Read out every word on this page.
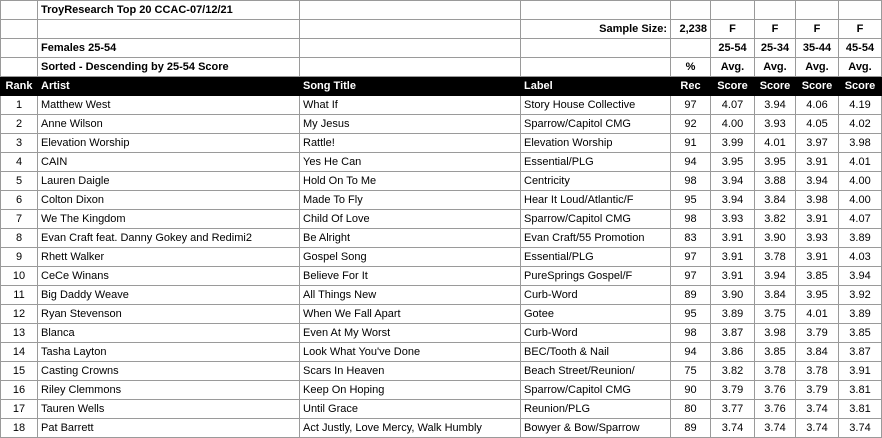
	TroyResearch Top 20 CCAC-07/12/21							
			Sample Size:	2,238	F	F	F	F
	Females 25-54				25-54	25-34	35-44	45-54
	Sorted - Descending by 25-54 Score			%	Avg.	Avg.	Avg.	Avg.
Rank	Artist	Song Title	Label	Rec	Score	Score	Score	Score
1	Matthew West	What If	Story House Collective	97	4.07	3.94	4.06	4.19
2	Anne Wilson	My Jesus	Sparrow/Capitol CMG	92	4.00	3.93	4.05	4.02
3	Elevation Worship	Rattle!	Elevation Worship	91	3.99	4.01	3.97	3.98
4	CAIN	Yes He Can	Essential/PLG	94	3.95	3.95	3.91	4.01
5	Lauren Daigle	Hold On To Me	Centricity	98	3.94	3.88	3.94	4.00
6	Colton Dixon	Made To Fly	Hear It Loud/Atlantic/F	95	3.94	3.84	3.98	4.00
7	We The Kingdom	Child Of Love	Sparrow/Capitol CMG	98	3.93	3.82	3.91	4.07
8	Evan Craft feat. Danny Gokey and Redimi2	Be Alright	Evan Craft/55 Promotion	83	3.91	3.90	3.93	3.89
9	Rhett Walker	Gospel Song	Essential/PLG	97	3.91	3.78	3.91	4.03
10	CeCe Winans	Believe For It	PureSprings Gospel/F	97	3.91	3.94	3.85	3.94
11	Big Daddy Weave	All Things New	Curb-Word	89	3.90	3.84	3.95	3.92
12	Ryan Stevenson	When We Fall Apart	Gotee	95	3.89	3.75	4.01	3.89
13	Blanca	Even At My Worst	Curb-Word	98	3.87	3.98	3.79	3.85
14	Tasha Layton	Look What You've Done	BEC/Tooth & Nail	94	3.86	3.85	3.84	3.87
15	Casting Crowns	Scars In Heaven	Beach Street/Reunion/	75	3.82	3.78	3.78	3.91
16	Riley Clemmons	Keep On Hoping	Sparrow/Capitol CMG	90	3.79	3.76	3.79	3.81
17	Tauren Wells	Until Grace	Reunion/PLG	80	3.77	3.76	3.74	3.81
18	Pat Barrett	Act Justly, Love Mercy, Walk Humbly	Bowyer & Bow/Sparrow	89	3.74	3.74	3.74	3.74
